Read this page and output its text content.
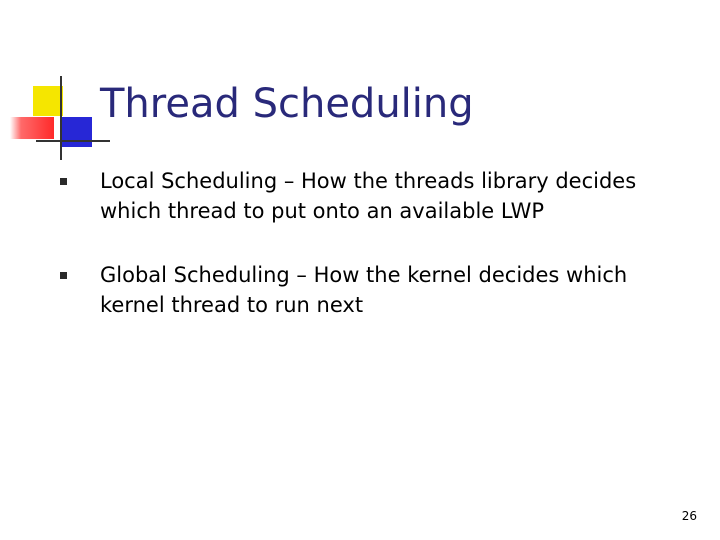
Thread Scheduling
Local Scheduling – How the threads library decides which thread to put onto an available LWP
Global Scheduling – How the kernel decides which kernel thread to run next
26
